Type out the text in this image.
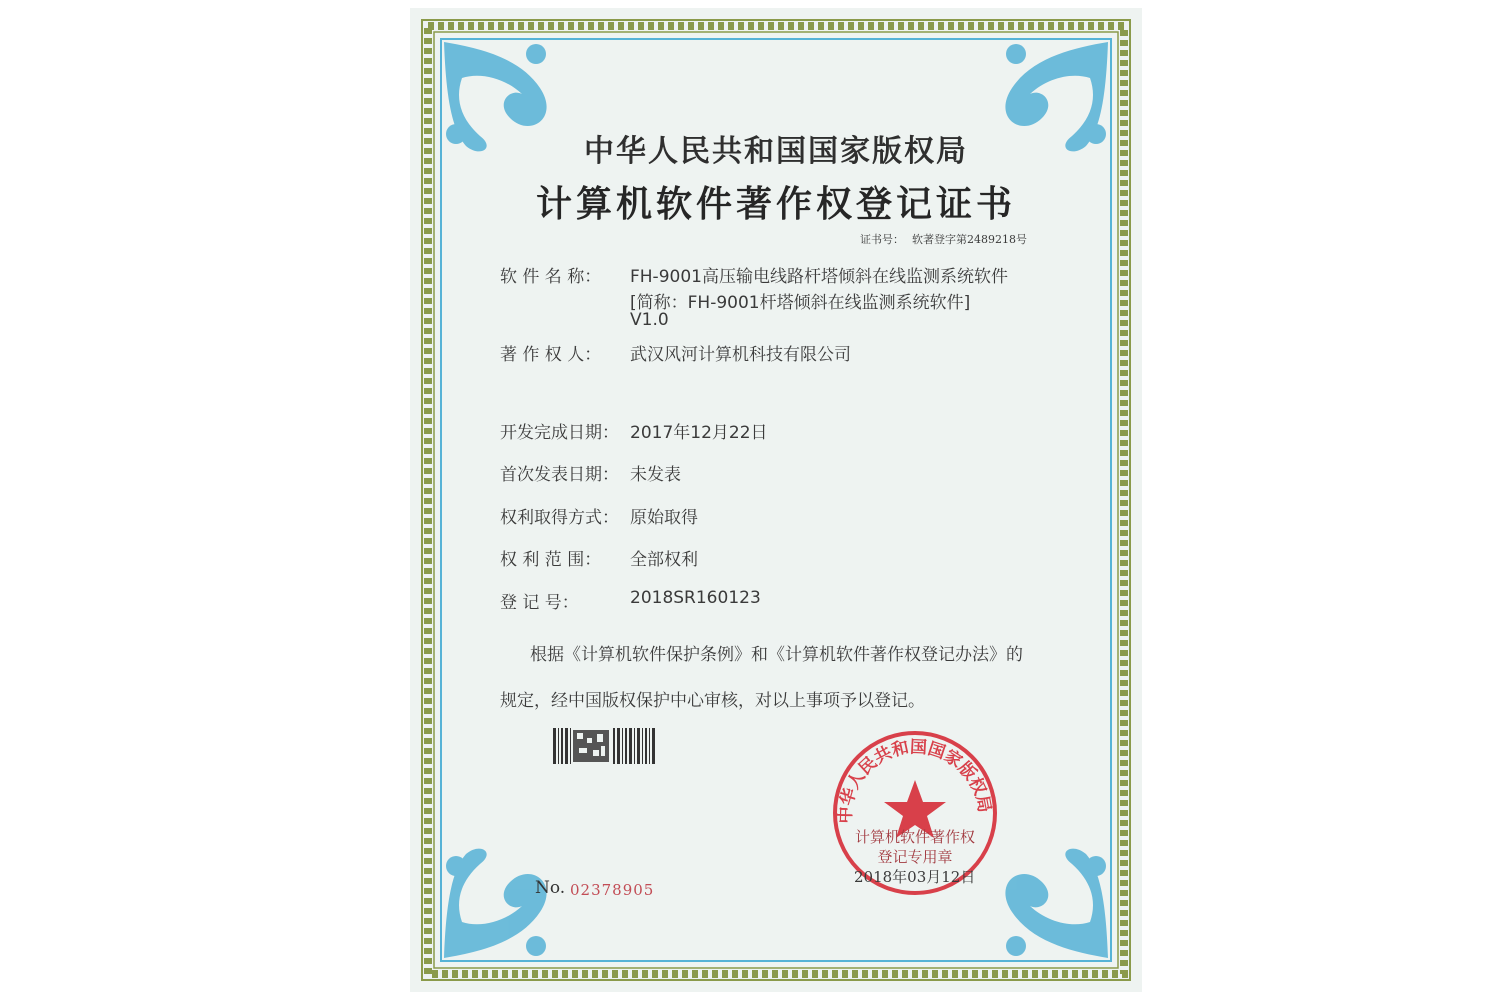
中华人民共和国国家版权局
计算机软件著作权登记证书
证书号： 软著登字第2489218号
软 件 名 称： FH-9001高压输电线路杆塔倾斜在线监测系统软件
[简称：FH-9001杆塔倾斜在线监测系统软件]
V1.0
著 作 权 人： 武汉风河计算机科技有限公司
开发完成日期： 2017年12月22日
首次发表日期： 未发表
权利取得方式： 原始取得
权 利 范 围： 全部权利
登 记 号：	2018SR160123
根据《计算机软件保护条例》和《计算机软件著作权登记办法》的
规定，经中国版权保护中心审核，对以上事项予以登记。
中华人民共和国国家版权局
计算机软件著作权
登记专用章
2018年03月12日
No. 02378905
